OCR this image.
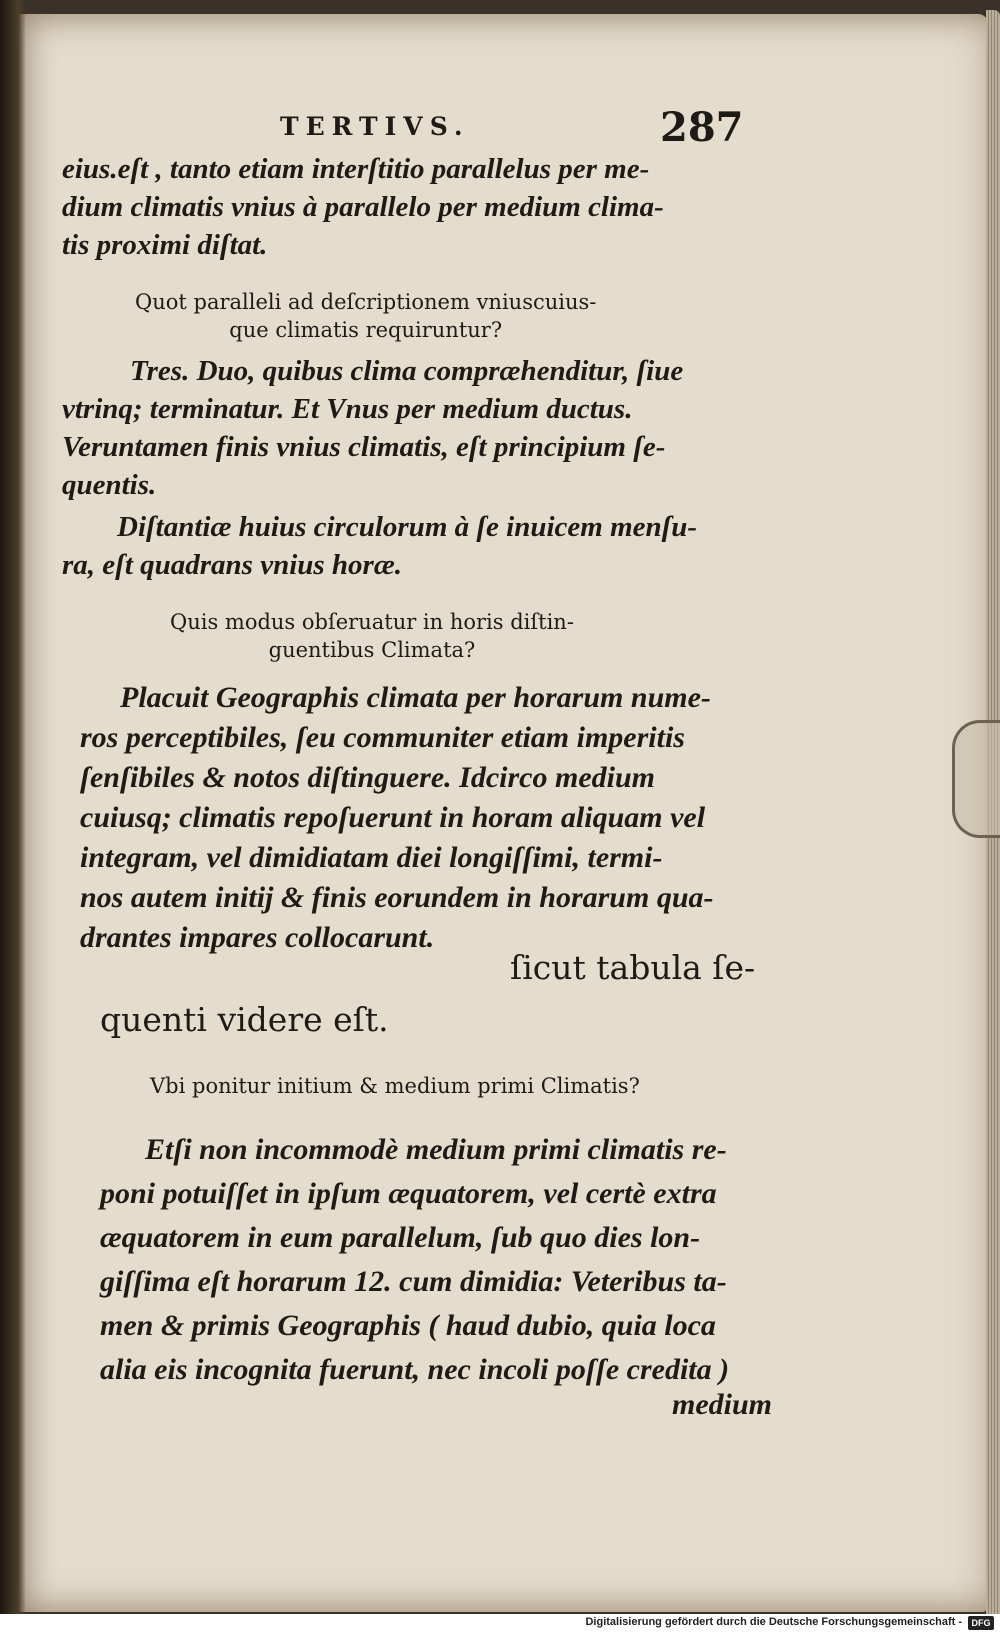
TERTIVS.	287
eius.eſt , tanto etiam interſtitio parallelus per me-
dium climatis vnius à parallelo per medium clima-
tis proximi diſtat.
Quot paralleli ad deſcriptionem vniuscuius-
que climatis requiruntur?
Tres. Duo, quibus clima compræhenditur, ſiue
vtrinq; terminatur. Et Vnus per medium ductus.
Veruntamen finis vnius climatis, eſt principium ſe-
quentis.
Diſtantiæ huius circulorum à ſe inuicem menſu-
ra, eſt quadrans vnius horæ.
Quis modus obſeruatur in horis diſtin-
guentibus Climata?
Placuit Geographis climata per horarum nume-
ros perceptibiles, ſeu communiter etiam imperitis
ſenſibiles & notos diſtinguere. Idcirco medium
cuiusq; climatis repoſuerunt in horam aliquam vel
integram, vel dimidiatam diei longiſſimi, termi-
nos autem initij & finis eorundem in horarum qua-
drantes impares collocarunt.
ſicut tabula ſe-
quenti videre eſt.
Vbi ponitur initium & medium primi Climatis?
Etſi non incommodè medium primi climatis re-
poni potuiſſet in ipſum æquatorem, vel certè extra
æquatorem in eum parallelum, ſub quo dies lon-
giſſima eſt horarum 12. cum dimidia: Veteribus ta-
men & primis Geographis ( haud dubio, quia loca
alia eis incognita fuerunt, nec incoli poſſe credita )
medium
Digitalisierung gefördert durch die Deutsche Forschungsgemeinschaft -	DFG
